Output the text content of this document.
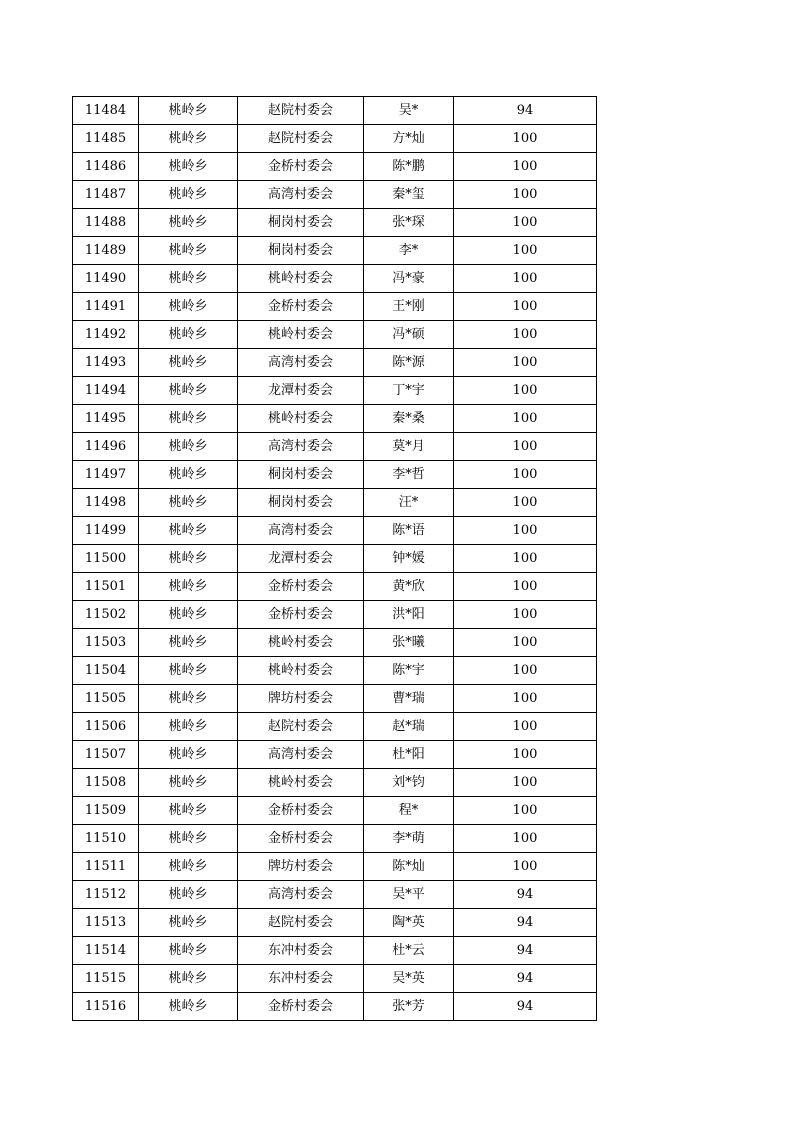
11484	桃岭乡	赵院村委会	吴*	94
11485	桃岭乡	赵院村委会	方*灿	100
11486	桃岭乡	金桥村委会	陈*鹏	100
11487	桃岭乡	高湾村委会	秦*玺	100
11488	桃岭乡	桐岗村委会	张*琛	100
11489	桃岭乡	桐岗村委会	李*	100
11490	桃岭乡	桃岭村委会	冯*豪	100
11491	桃岭乡	金桥村委会	王*刚	100
11492	桃岭乡	桃岭村委会	冯*硕	100
11493	桃岭乡	高湾村委会	陈*源	100
11494	桃岭乡	龙潭村委会	丁*宇	100
11495	桃岭乡	桃岭村委会	秦*桑	100
11496	桃岭乡	高湾村委会	莫*月	100
11497	桃岭乡	桐岗村委会	李*哲	100
11498	桃岭乡	桐岗村委会	汪*	100
11499	桃岭乡	高湾村委会	陈*语	100
11500	桃岭乡	龙潭村委会	钟*媛	100
11501	桃岭乡	金桥村委会	黄*欣	100
11502	桃岭乡	金桥村委会	洪*阳	100
11503	桃岭乡	桃岭村委会	张*曦	100
11504	桃岭乡	桃岭村委会	陈*宇	100
11505	桃岭乡	牌坊村委会	曹*瑞	100
11506	桃岭乡	赵院村委会	赵*瑞	100
11507	桃岭乡	高湾村委会	杜*阳	100
11508	桃岭乡	桃岭村委会	刘*钧	100
11509	桃岭乡	金桥村委会	程*	100
11510	桃岭乡	金桥村委会	李*萌	100
11511	桃岭乡	牌坊村委会	陈*灿	100
11512	桃岭乡	高湾村委会	吴*平	94
11513	桃岭乡	赵院村委会	陶*英	94
11514	桃岭乡	东冲村委会	杜*云	94
11515	桃岭乡	东冲村委会	吴*英	94
11516	桃岭乡	金桥村委会	张*芳	94
